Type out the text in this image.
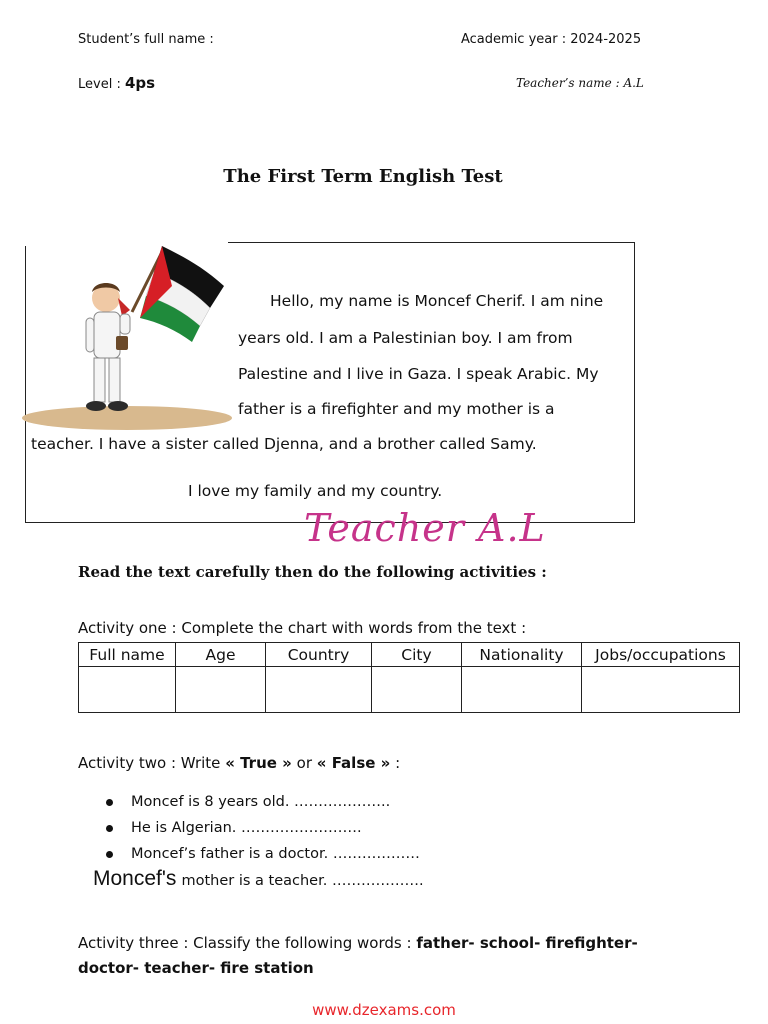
Student’s full name :	Academic year : 2024-2025
Level : 4ps	Teacher’s name : A.L
The First Term English Test
Hello, my name is Moncef Cherif. I am nine
years old. I am a Palestinian boy. I am from
Palestine and I live in Gaza. I speak Arabic. My
father is a firefighter and my mother is a
teacher. I have a sister called Djenna, and a brother called Samy.
I love my family and my country.
Teacher A.L
Read the text carefully then do the following activities :
Activity one : Complete the chart with words from the text :
Full name	Age	Country	City	Nationality	Jobs/occupations

Activity two : Write « True » or « False » :
Moncef is 8 years old. ………………..
He is Algerian. …………………….
Moncef’s father is a doctor. ………………
Moncef's mother is a teacher. ……………….
Activity three : Classify the following words : father- school- firefighter-
doctor- teacher- fire station
www.dzexams.com
